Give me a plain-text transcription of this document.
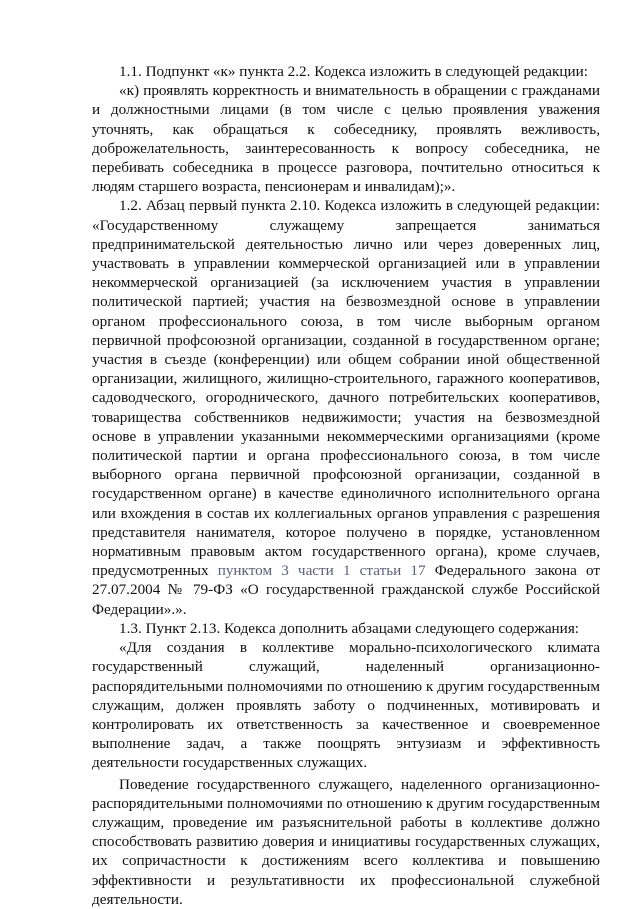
1.1. Подпункт «к» пункта 2.2. Кодекса изложить в следующей редакции:

«к) проявлять корректность и внимательность в обращении с гражданами и должностными лицами (в том числе с целью проявления уважения уточнять, как обращаться к собеседнику, проявлять вежливость, доброжелательность, заинтересованность к вопросу собеседника, не перебивать собеседника в процессе разговора, почтительно относиться к людям старшего возраста, пенсионерам и инвалидам);».

1.2. Абзац первый пункта 2.10. Кодекса изложить в следующей редакции: «Государственному служащему запрещается заниматься предпринимательской деятельностью лично или через доверенных лиц, участвовать в управлении коммерческой организацией или в управлении некоммерческой организацией (за исключением участия в управлении политической партией; участия на безвозмездной основе в управлении органом профессионального союза, в том числе выборным органом первичной профсоюзной организации, созданной в государственном органе; участия в съезде (конференции) или общем собрании иной общественной организации, жилищного, жилищно-строительного, гаражного кооперативов, садоводческого, огороднического, дачного потребительских кооперативов, товарищества собственников недвижимости; участия на безвозмездной основе в управлении указанными некоммерческими организациями (кроме политической партии и органа профессионального союза, в том числе выборного органа первичной профсоюзной организации, созданной в государственном органе) в качестве единоличного исполнительного органа или вхождения в состав их коллегиальных органов управления с разрешения представителя нанимателя, которое получено в порядке, установленном нормативным правовым актом государственного органа), кроме случаев, предусмотренных пунктом 3 части 1 статьи 17 Федерального закона от 27.07.2004 № 79-ФЗ «О государственной гражданской службе Российской Федерации».».

1.3. Пункт 2.13. Кодекса дополнить абзацами следующего содержания:

«Для создания в коллективе морально-психологического климата государственный служащий, наделенный организационно-распорядительными полномочиями по отношению к другим государственным служащим, должен проявлять заботу о подчиненных, мотивировать и контролировать их ответственность за качественное и своевременное выполнение задач, а также поощрять энтузиазм и эффективность деятельности государственных служащих.

Поведение государственного служащего, наделенного организационно-распорядительными полномочиями по отношению к другим государственным служащим, проведение им разъяснительной работы в коллективе должно способствовать развитию доверия и инициативы государственных служащих, их сопричастности к достижениям всего коллектива и повышению эффективности и результативности их профессиональной служебной деятельности.
